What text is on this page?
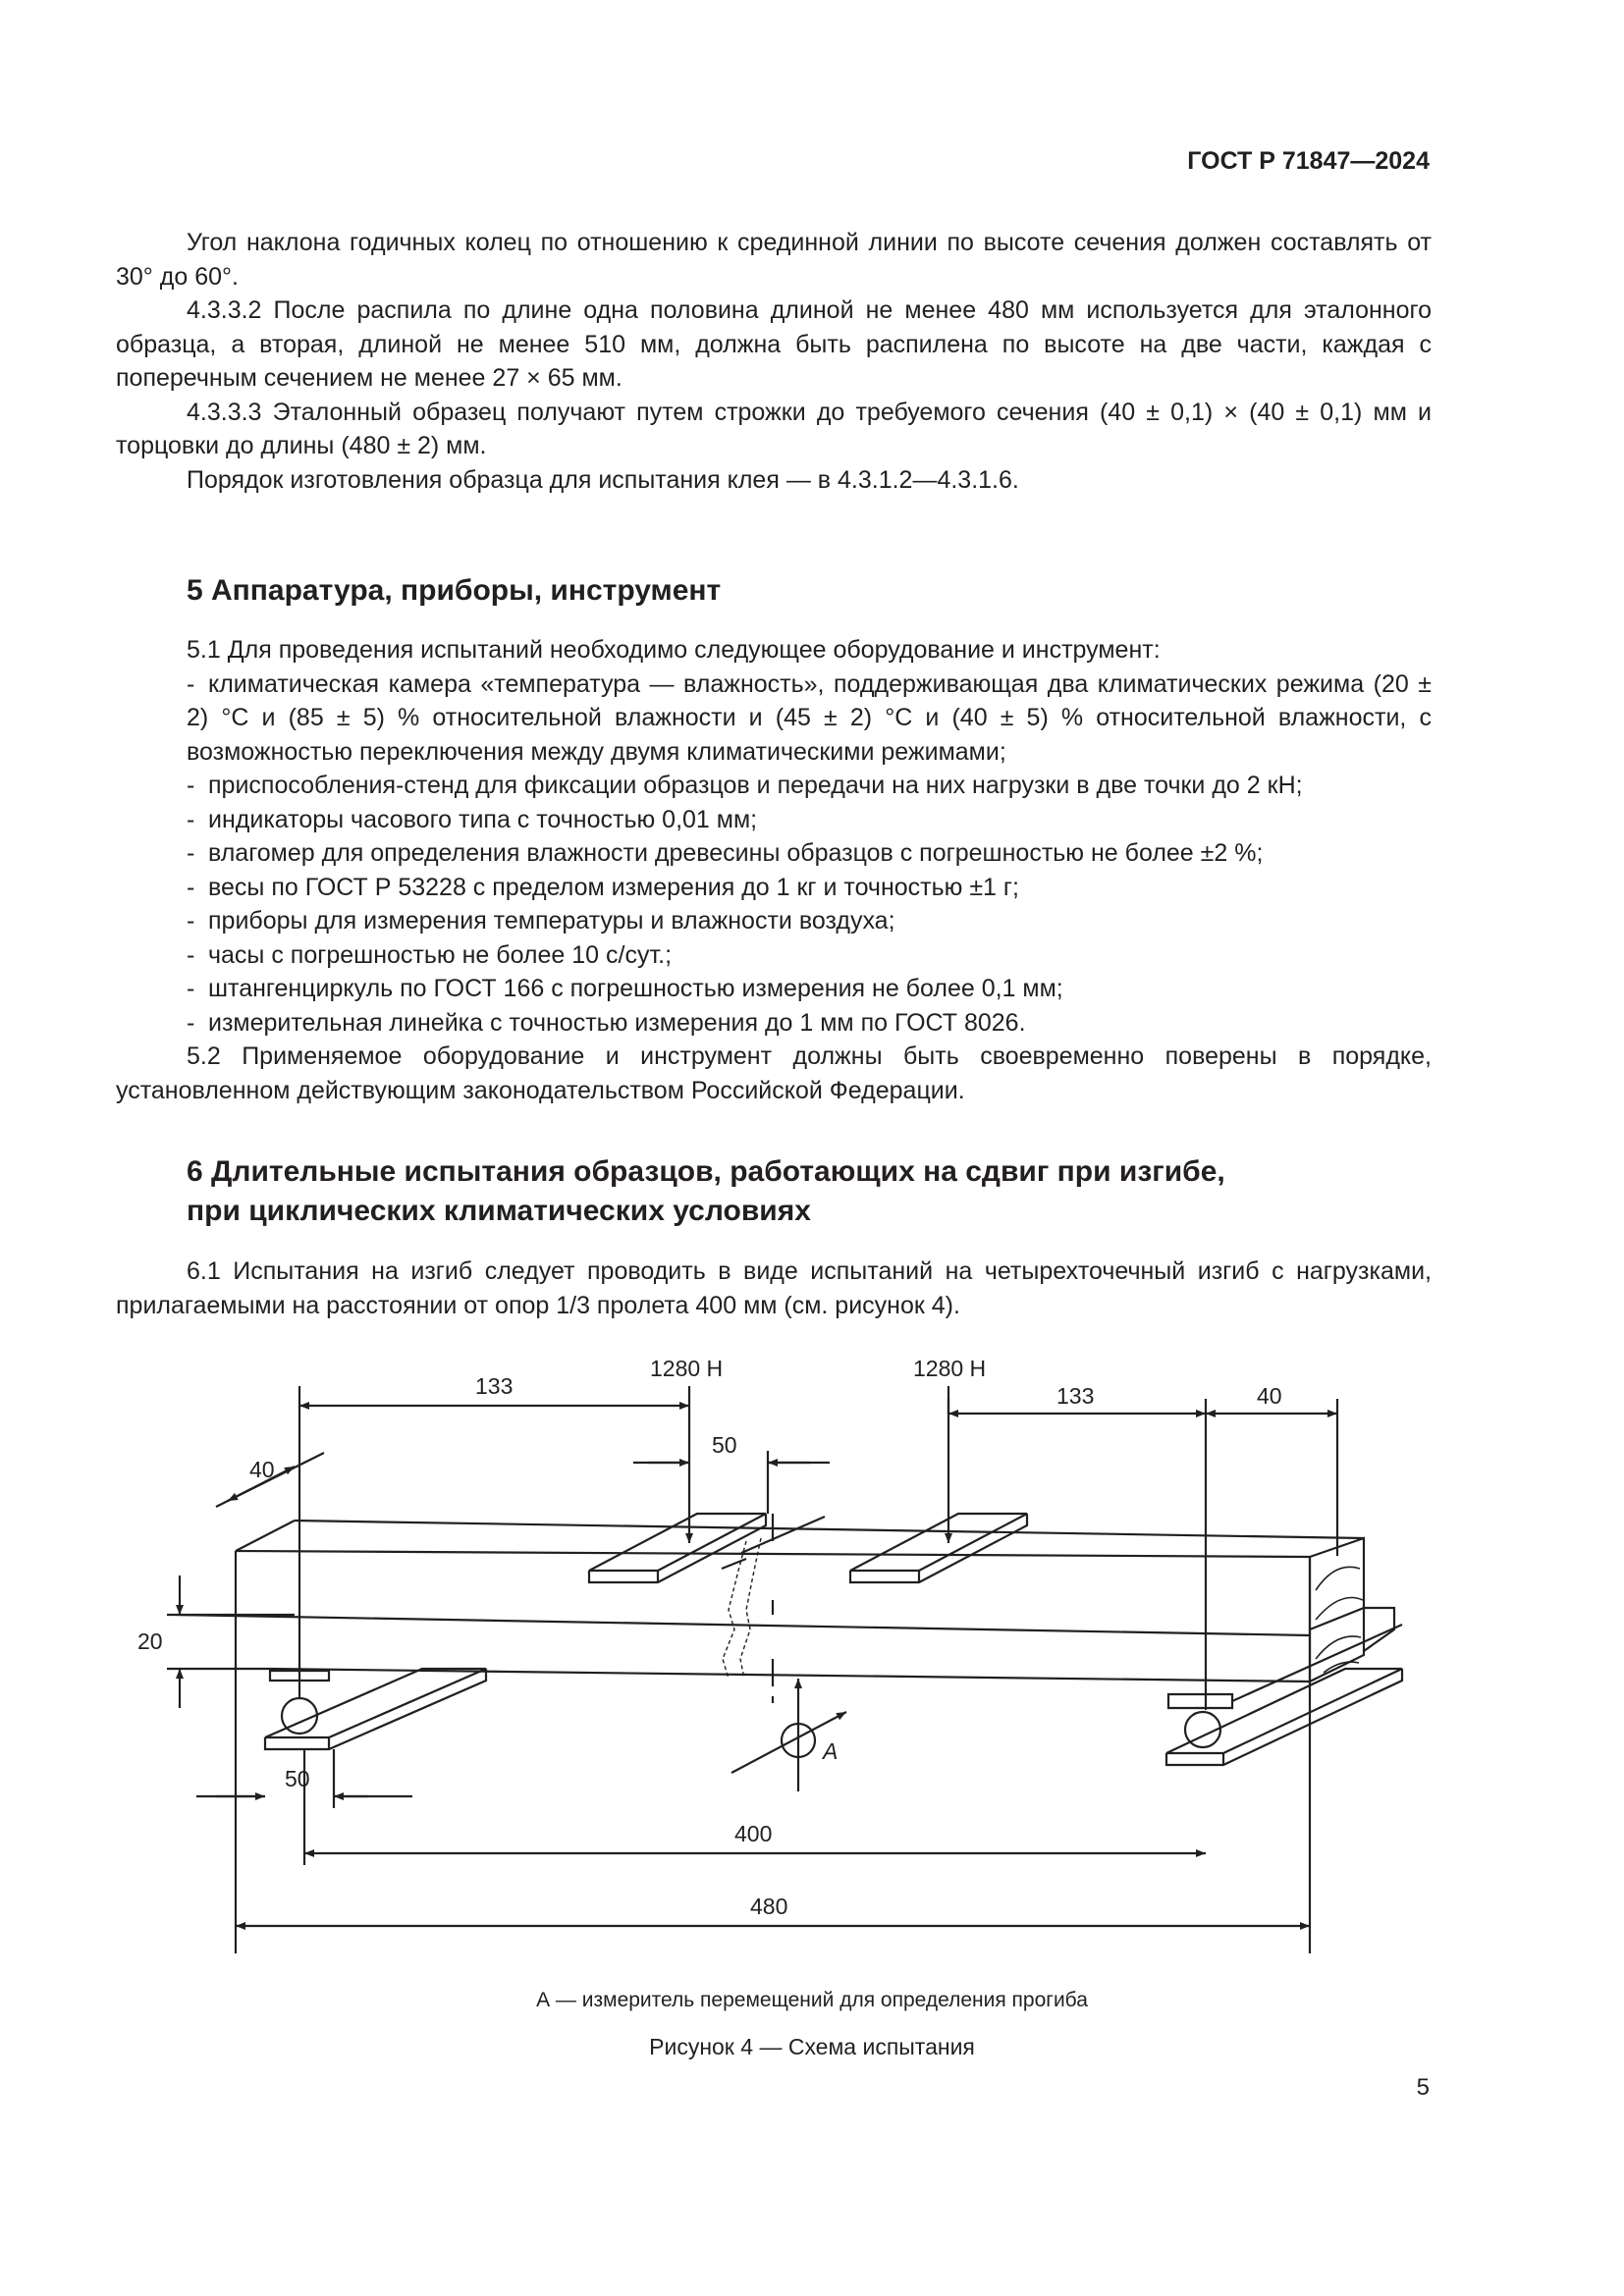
ГОСТ Р 71847—2024

Угол наклона годичных колец по отношению к срединной линии по высоте сечения должен составлять от 30° до 60°.

4.3.3.2 После распила по длине одна половина длиной не менее 480 мм используется для эталонного образца, а вторая, длиной не менее 510 мм, должна быть распилена по высоте на две части, каждая с поперечным сечением не менее 27 × 65 мм.

4.3.3.3 Эталонный образец получают путем строжки до требуемого сечения (40 ± 0,1) × (40 ± 0,1) мм и торцовки до длины (480 ± 2) мм.

Порядок изготовления образца для испытания клея — в 4.3.1.2—4.3.1.6.

5 Аппаратура, приборы, инструмент

5.1 Для проведения испытаний необходимо следующее оборудование и инструмент:

- климатическая камера «температура — влажность», поддерживающая два климатических режима (20 ± 2) °С и (85 ± 5) % относительной влажности и (45 ± 2) °С и (40 ± 5) % относительной влажности, с возможностью переключения между двумя климатическими режимами;

- приспособления-стенд для фиксации образцов и передачи на них нагрузки в две точки до 2 кН;

- индикаторы часового типа с точностью 0,01 мм;

- влагомер для определения влажности древесины образцов с погрешностью не более ±2 %;

- весы по ГОСТ Р 53228 с пределом измерения до 1 кг и точностью ±1 г;

- приборы для измерения температуры и влажности воздуха;

- часы с погрешностью не более 10 с/сут.;

- штангенциркуль по ГОСТ 166 с погрешностью измерения не более 0,1 мм;

- измерительная линейка с точностью измерения до 1 мм по ГОСТ 8026.

5.2 Применяемое оборудование и инструмент должны быть своевременно поверены в порядке, установленном действующим законодательством Российской Федерации.

6 Длительные испытания образцов, работающих на сдвиг при изгибе,
при циклических климатических условиях

6.1 Испытания на изгиб следует проводить в виде испытаний на четырехточечный изгиб с нагрузками, прилагаемыми на расстоянии от опор 1/3 пролета 400 мм (см. рисунок 4).

133
1280 Н	1280 Н
133	40
40
50
20
50
А
400
480
А — измеритель перемещений для определения прогиба
Рисунок 4 — Схема испытания
5
